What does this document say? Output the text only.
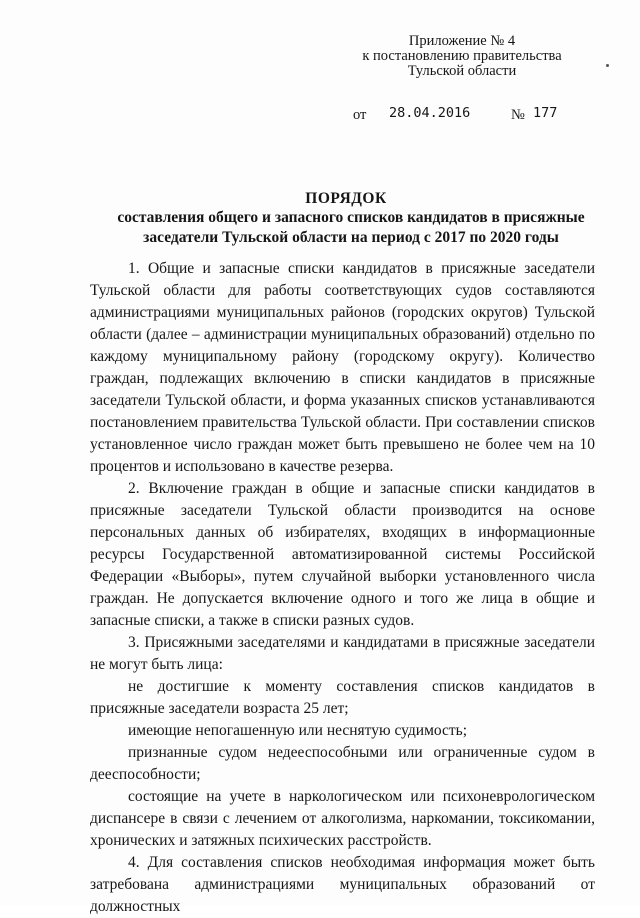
Приложение № 4
к постановлению правительства
Тульской области
от 28.04.2016	№ 177
ПОРЯДОК
составления общего и запасного списков кандидатов в присяжные заседатели Тульской области на период с 2017 по 2020 годы

1. Общие и запасные списки кандидатов в присяжные заседатели Тульской области для работы соответствующих судов составляются администрациями муниципальных районов (городских округов) Тульской области (далее – администрации муниципальных образований) отдельно по каждому муниципальному району (городскому округу). Количество граждан, подлежащих включению в списки кандидатов в присяжные заседатели Тульской области, и форма указанных списков устанавливаются постановлением правительства Тульской области. При составлении списков установленное число граждан может быть превышено не более чем на 10 процентов и использовано в качестве резерва.

2. Включение граждан в общие и запасные списки кандидатов в присяжные заседатели Тульской области производится на основе персональных данных об избирателях, входящих в информационные ресурсы Государственной автоматизированной системы Российской Федерации «Выборы», путем случайной выборки установленного числа граждан. Не допускается включение одного и того же лица в общие и запасные списки, а также в списки разных судов.

3. Присяжными заседателями и кандидатами в присяжные заседатели не могут быть лица:

не достигшие к моменту составления списков кандидатов в присяжные заседатели возраста 25 лет;

имеющие непогашенную или неснятую судимость;

признанные судом недееспособными или ограниченные судом в дееспособности;

состоящие на учете в наркологическом или психоневрологическом диспансере в связи с лечением от алкоголизма, наркомании, токсикомании, хронических и затяжных психических расстройств.

4. Для составления списков необходимая информация может быть затребована администрациями муниципальных образований от должностных
